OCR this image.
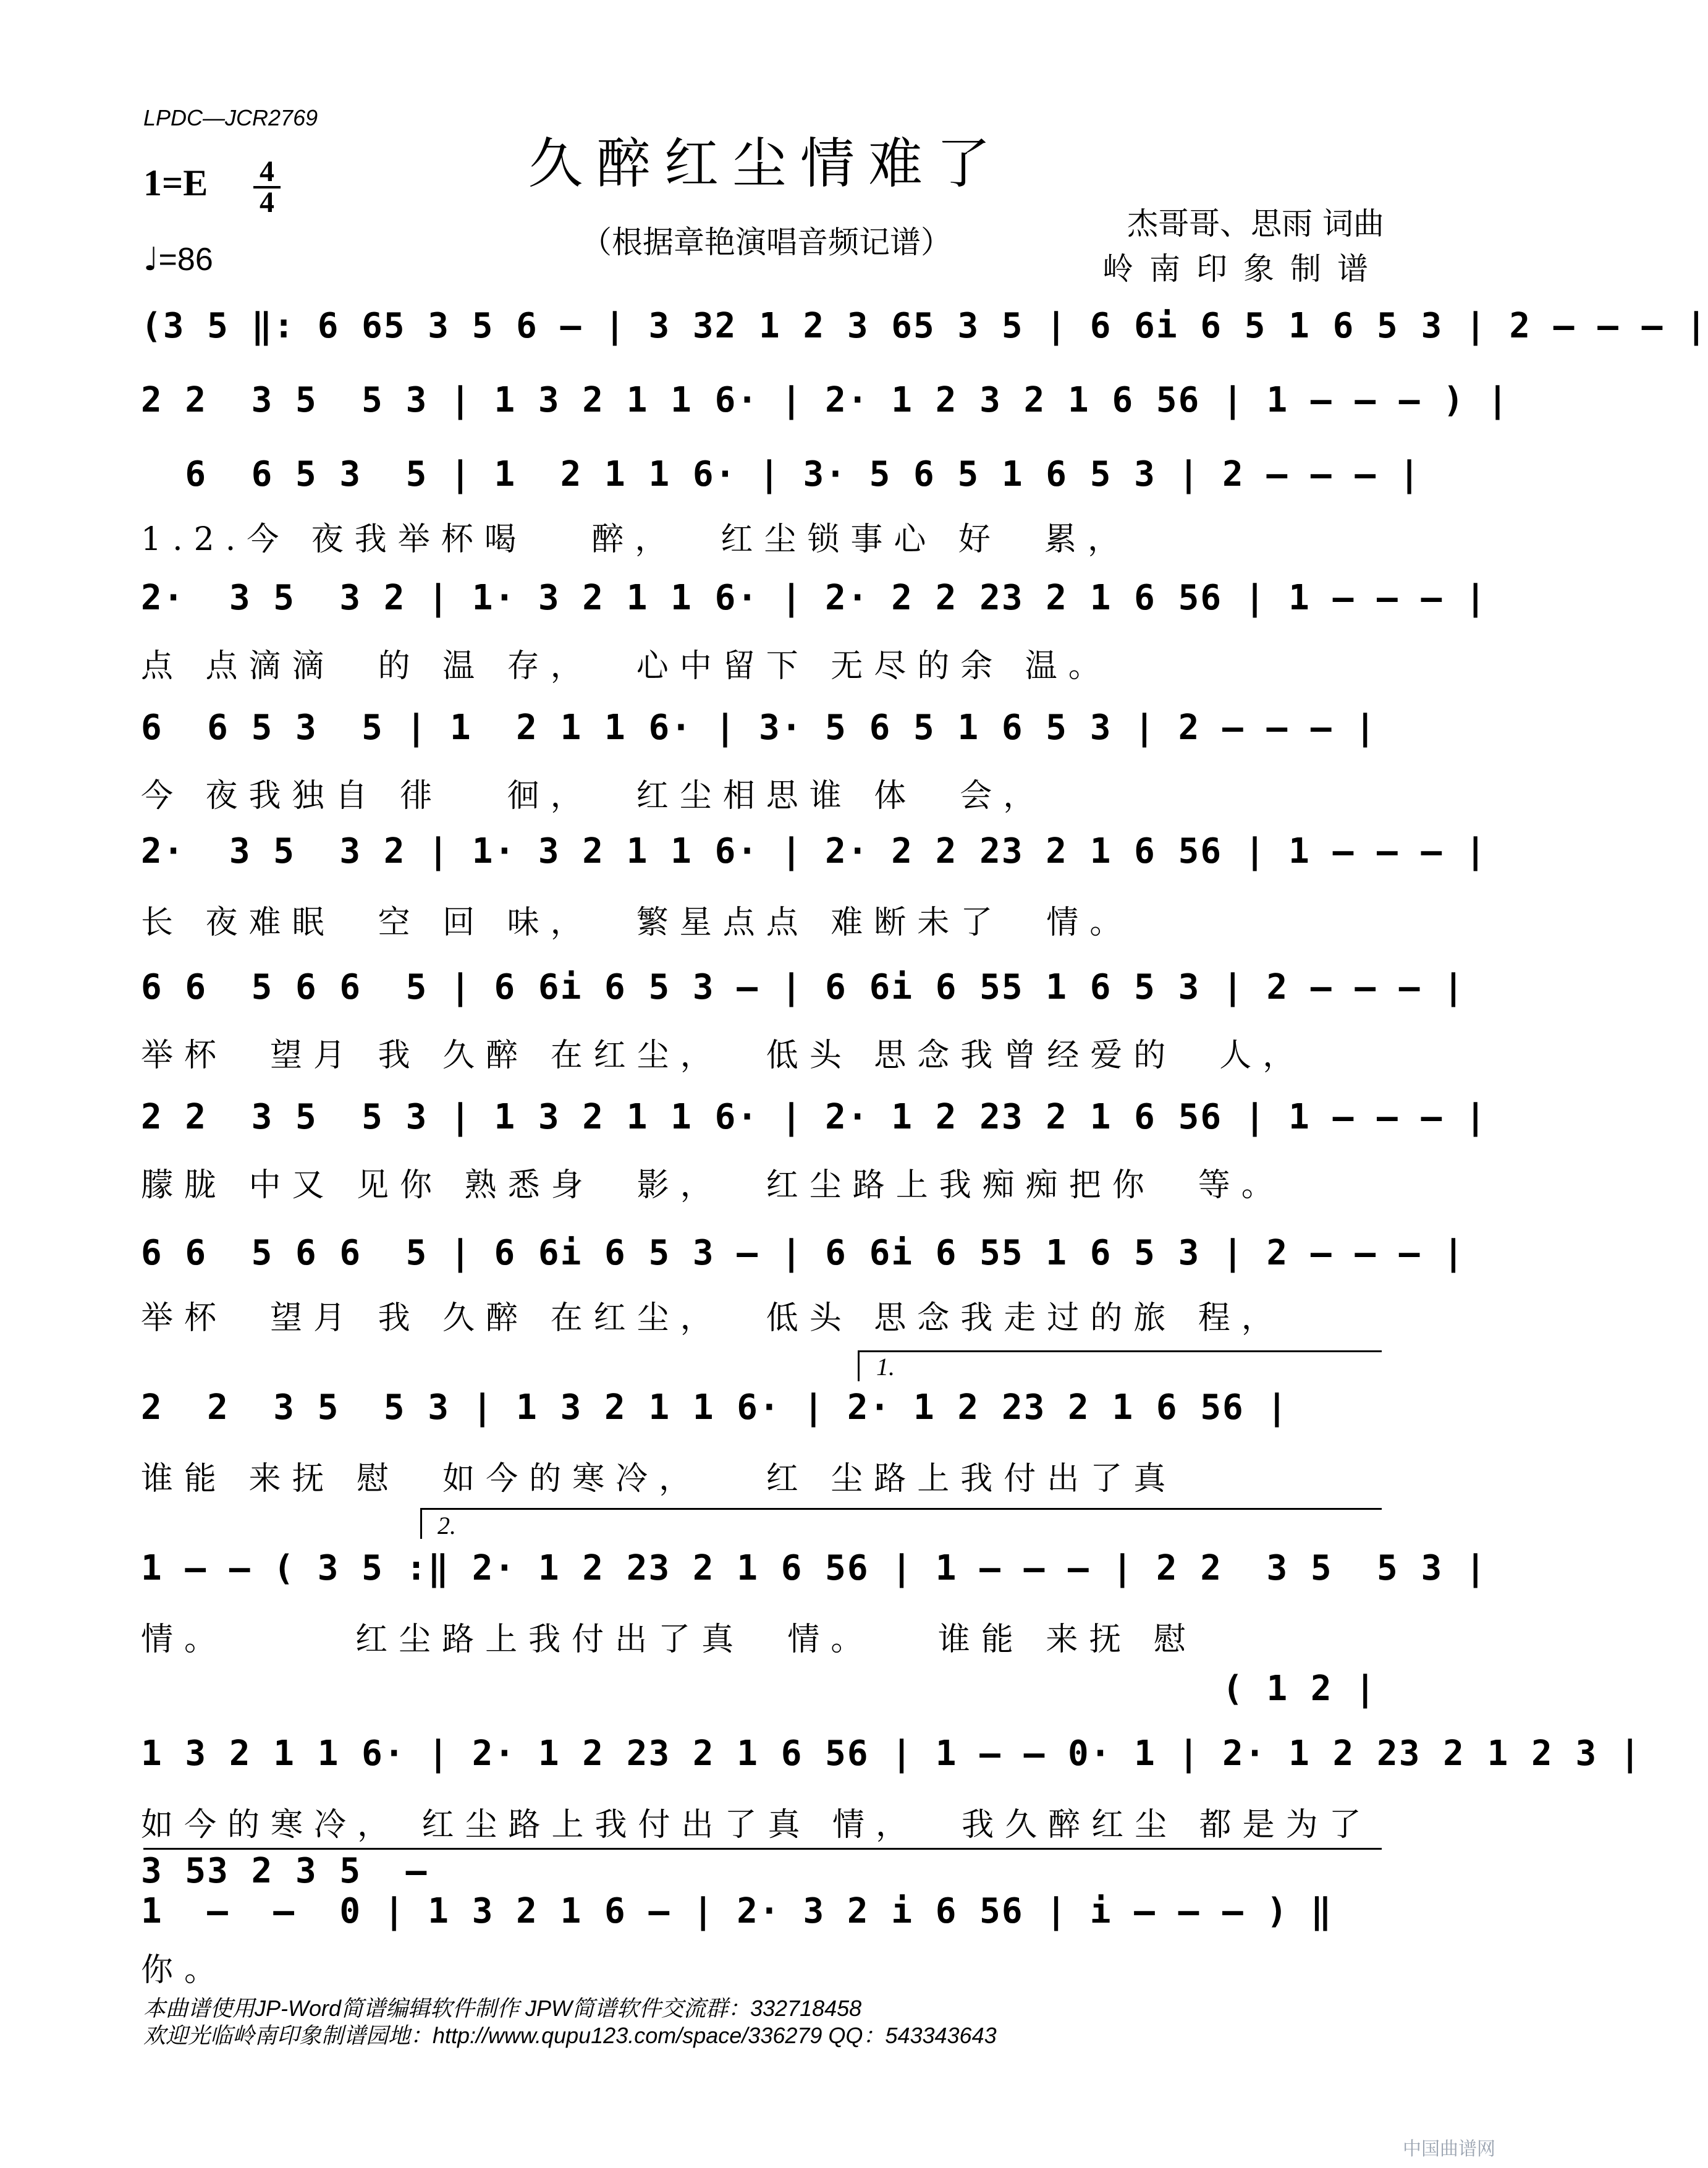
LPDC—JCR2769
久醉红尘情难了
1=E 4
4
♩=86	（根据章艳演唱音频记谱）
杰哥哥、思雨 词曲
岭南印象制谱
(3 5 ‖: 6 65 3 5 6 – | 3 32 1 2 3 65 3 5 | 6 6i 6 5 1 6 5 3 | 2 – – – |
2 2  3 5  5 3 | 1 3 2 1 1 6· | 2· 1 2 3 2 1 6 56 | 1 – – – ) |
6  6 5 3  5 | 1  2 1 1 6· | 3· 5 6 5 1 6 5 3 | 2 – – – |
1.2.今 夜我举杯喝   醉，  红尘锁事心 好  累，
2·  3 5  3 2 | 1· 3 2 1 1 6· | 2· 2 2 23 2 1 6 56 | 1 – – – |
点 点滴滴  的 温 存，  心中留下 无尽的余 温。
6  6 5 3  5 | 1  2 1 1 6· | 3· 5 6 5 1 6 5 3 | 2 – – – |
今 夜我独自 徘   徊，  红尘相思谁 体  会，
2·  3 5  3 2 | 1· 3 2 1 1 6· | 2· 2 2 23 2 1 6 56 | 1 – – – |
长 夜难眠  空 回 味，  繁星点点 难断未了  情。
6 6  5 6 6  5 | 6 6i 6 5 3 – | 6 6i 6 55 1 6 5 3 | 2 – – – |
举杯  望月 我 久醉 在红尘，  低头 思念我曾经爱的  人，
2 2  3 5  5 3 | 1 3 2 1 1 6· | 2· 1 2 23 2 1 6 56 | 1 – – – |
朦胧 中又 见你 熟悉身  影，  红尘路上我痴痴把你  等。
6 6  5 6 6  5 | 6 6i 6 5 3 – | 6 6i 6 55 1 6 5 3 | 2 – – – |
举杯  望月 我 久醉 在红尘，  低头 思念我走过的旅 程，
1.
2  2  3 5  5 3 | 1 3 2 1 1 6· | 2· 1 2 23 2 1 6 56 |
谁能 来抚 慰  如今的寒冷，   红 尘路上我付出了真
2.
1 – – ( 3 5 :‖ 2· 1 2 23 2 1 6 56 | 1 – – – | 2 2  3 5  5 3 |
情。      红尘路上我付出了真  情。   谁能 来抚 慰
( 1 2 |
1 3 2 1 1 6· | 2· 1 2 23 2 1 6 56 | 1 – – 0· 1 | 2· 1 2 23 2 1 2 3 |
如今的寒冷， 红尘路上我付出了真 情，  我久醉红尘 都是为了
3 53 2 3 5  –
1  –  –  0 | 1 3 2 1 6 – | 2· 3 2 i 6 56 | i – – – ) ‖
你。
本曲谱使用JP-Word简谱编辑软件制作 JPW简谱软件交流群：332718458
欢迎光临岭南印象制谱园地：http://www.qupu123.com/space/336279 QQ：543343643
中国曲谱网
